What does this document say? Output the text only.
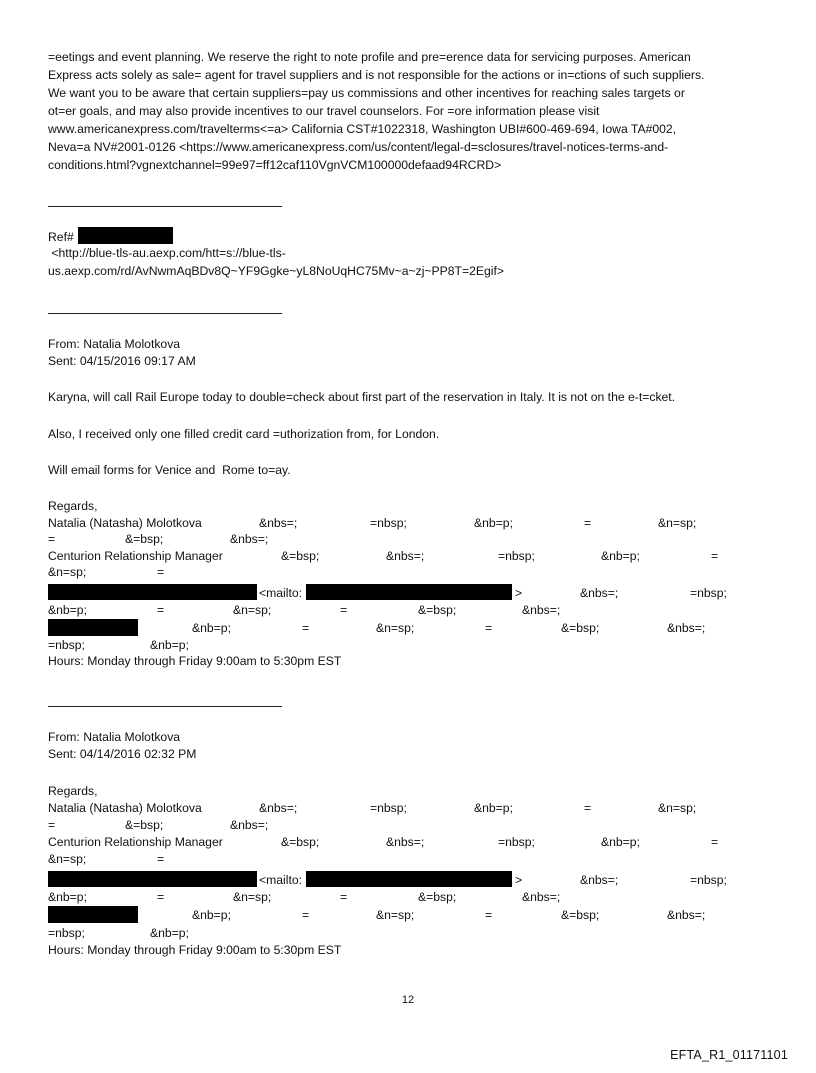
=eetings and event planning. We reserve the right to note profile and pre=erence data for servicing purposes. American
Express acts solely as sale= agent for travel suppliers and is not responsible for the actions or in=ctions of such suppliers.
We want you to be aware that certain suppliers=pay us commissions and other incentives for reaching sales targets or
ot=er goals, and may also provide incentives to our travel counselors. For =ore information please visit
www.americanexpress.com/travelterms<=a> California CST#1022318, Washington UBI#600-469-694, Iowa TA#002,
Neva=a NV#2001-0126 <https://www.americanexpress.com/us/content/legal-d=sclosures/travel-notices-terms-and-
conditions.html?vgnextchannel=99e97=ff12caf110VgnVCM100000defaad94RCRD>
Ref#
<http://blue-tls-au.aexp.com/htt=s://blue-tls-
us.aexp.com/rd/AvNwmAqBDv8Q~YF9Ggke~yL8NoUqHC75Mv~a~zj~PP8T=2Egif>
From: Natalia Molotkova
Sent: 04/15/2016 09:17 AM
Karyna, will call Rail Europe today to double=check about first part of the reservation in Italy. It is not on the e-t=cket.
Also, I received only one filled credit card =uthorization from, for London.
Will email forms for Venice and  Rome to=ay.
Regards,
Natalia (Natasha) Molotkova	&nbs=;	=nbsp;	&nb=p;	=	&n=sp;
=	&=bsp;	&nbs=;
Centurion Relationship Manager	&=bsp;	&nbs=;	=nbsp;	&nb=p;	=
&n=sp;	=
<mailto:	>	&nbs=;	=nbsp;
&nb=p;	=	&n=sp;	=	&=bsp;	&nbs=;
&nb=p;	=	&n=sp;	=	&=bsp;	&nbs=;
=nbsp;	&nb=p;
Hours: Monday through Friday 9:00am to 5:30pm EST
From: Natalia Molotkova
Sent: 04/14/2016 02:32 PM
Regards,
Natalia (Natasha) Molotkova	&nbs=;	=nbsp;	&nb=p;	=	&n=sp;
=	&=bsp;	&nbs=;
Centurion Relationship Manager	&=bsp;	&nbs=;	=nbsp;	&nb=p;	=
&n=sp;	=
<mailto:	>	&nbs=;	=nbsp;
&nb=p;	=	&n=sp;	=	&=bsp;	&nbs=;
&nb=p;	=	&n=sp;	=	&=bsp;	&nbs=;
=nbsp;	&nb=p;
Hours: Monday through Friday 9:00am to 5:30pm EST
12
EFTA_R1_01171101
